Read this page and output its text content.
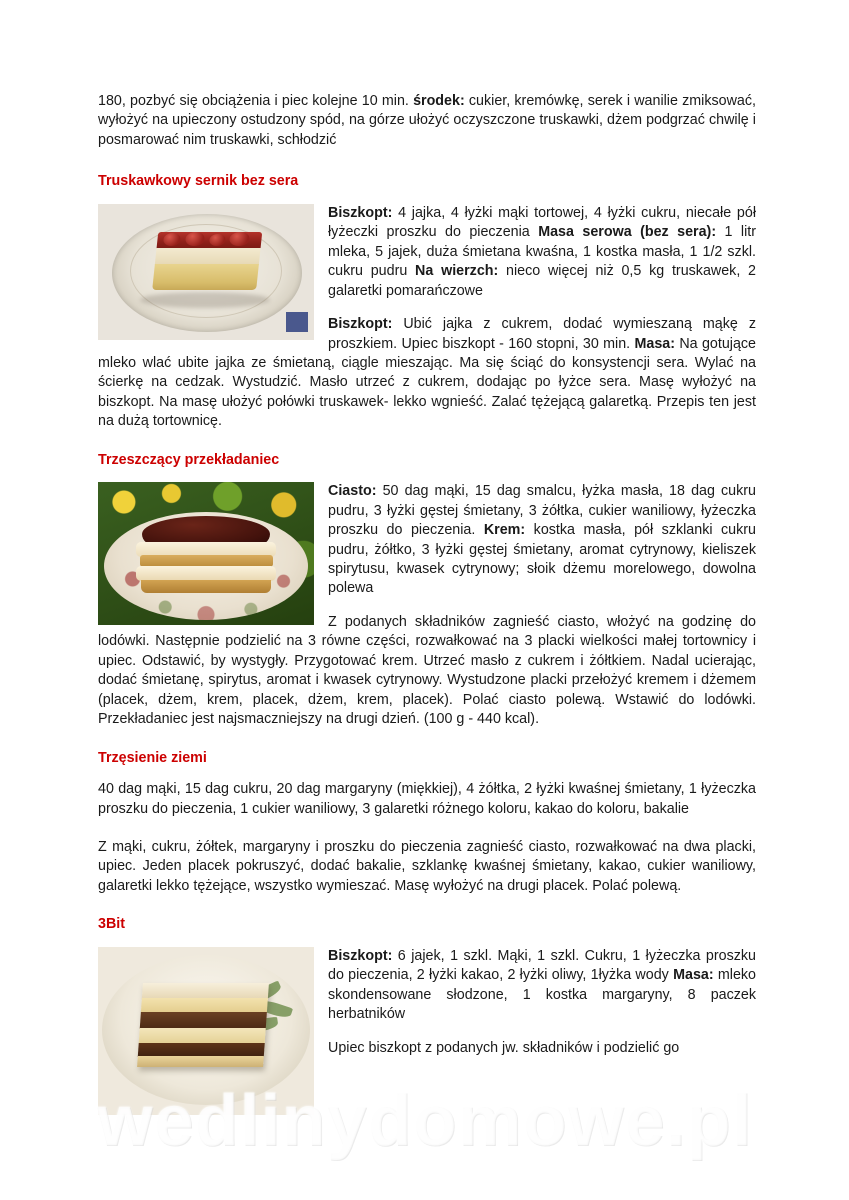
180, pozbyć się obciążenia i piec kolejne 10 min. środek: cukier, kremówkę, serek i wanilie zmiksować, wyłożyć na upieczony ostudzony spód, na górze ułożyć oczyszczone truskawki, dżem podgrzać chwilę i posmarować nim truskawki, schłodzić

Truskawkowy sernik bez sera

Biszkopt: 4 jajka, 4 łyżki mąki tortowej, 4 łyżki cukru, niecałe pół łyżeczki proszku do pieczenia Masa serowa (bez sera): 1 litr mleka, 5 jajek, duża śmietana kwaśna, 1 kostka masła, 1 1/2 szkl. cukru pudru Na wierzch: nieco więcej niż 0,5 kg truskawek, 2 galaretki pomarańczowe

Biszkopt: Ubić jajka z cukrem, dodać wymieszaną mąkę z proszkiem. Upiec biszkopt - 160 stopni, 30 min. Masa: Na gotujące mleko wlać ubite jajka ze śmietaną, ciągle mieszając. Ma się ściąć do konsystencji sera. Wylać na ścierkę na cedzak. Wystudzić. Masło utrzeć z cukrem, dodając po łyżce sera. Masę wyłożyć na biszkopt. Na masę ułożyć połówki truskawek- lekko wgnieść. Zalać tężejącą galaretką. Przepis ten jest na dużą tortownicę.

Trzeszczący przekładaniec

Ciasto: 50 dag mąki, 15 dag smalcu, łyżka masła, 18 dag cukru pudru, 3 łyżki gęstej śmietany, 3 żółtka, cukier waniliowy, łyżeczka proszku do pieczenia. Krem: kostka masła, pół szklanki cukru pudru, żółtko, 3 łyżki gęstej śmietany, aromat cytrynowy, kieliszek spirytusu, kwasek cytrynowy; słoik dżemu morelowego, dowolna polewa

Z podanych składników zagnieść ciasto, włożyć na godzinę do lodówki. Następnie podzielić na 3 równe części, rozwałkować na 3 placki wielkości małej tortownicy i upiec. Odstawić, by wystygły. Przygotować krem. Utrzeć masło z cukrem i żółtkiem. Nadal ucierając, dodać śmietanę, spirytus, aromat i kwasek cytrynowy. Wystudzone placki przełożyć kremem i dżemem (placek, dżem, krem, placek, dżem, krem, placek). Polać ciasto polewą. Wstawić do lodówki. Przekładaniec jest najsmaczniejszy na drugi dzień. (100 g - 440 kcal).

Trzęsienie ziemi

40 dag mąki, 15 dag cukru, 20 dag margaryny (miękkiej), 4 żółtka, 2 łyżki kwaśnej śmietany, 1 łyżeczka proszku do pieczenia, 1 cukier waniliowy, 3 galaretki różnego koloru, kakao do koloru, bakalie

Z mąki, cukru, żółtek, margaryny i proszku do pieczenia zagnieść ciasto, rozwałkować na dwa placki, upiec. Jeden placek pokruszyć, dodać bakalie, szklankę kwaśnej śmietany, kakao, cukier waniliowy, galaretki lekko tężejące, wszystko wymieszać. Masę wyłożyć na drugi placek. Polać polewą.

3Bit

Biszkopt: 6 jajek, 1 szkl. Mąki, 1 szkl. Cukru, 1 łyżeczka proszku do pieczenia, 2 łyżki kakao, 2 łyżki oliwy, 1łyżka wody Masa: mleko skondensowane słodzone, 1 kostka margaryny, 8 paczek herbatników

Upiec biszkopt z podanych jw. składników i podzielić go

wedlinydomowe.pl
